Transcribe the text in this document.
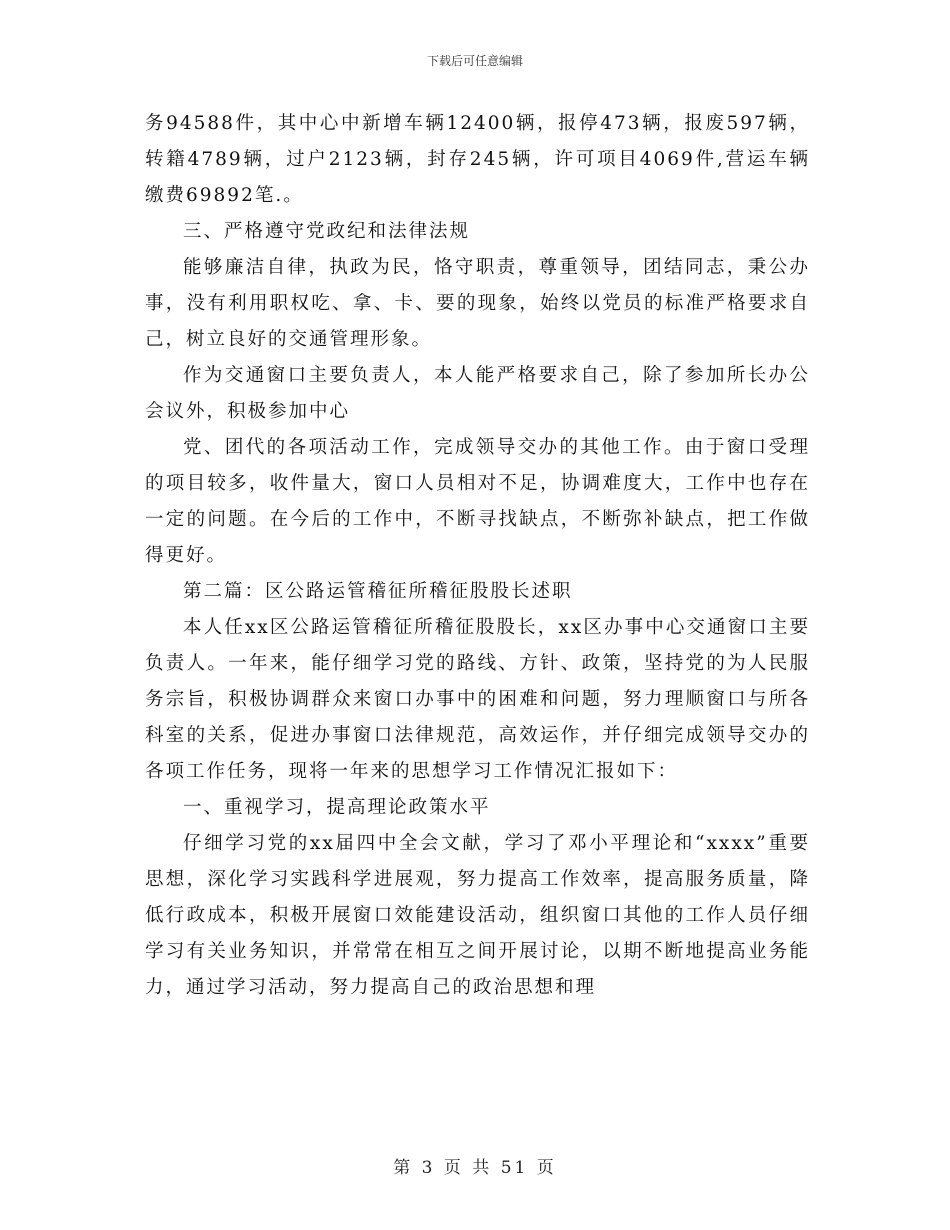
下载后可任意编辑

务94588件，其中心中新增车辆12400辆，报停473辆，报废597辆，转籍4789辆，过户2123辆，封存245辆，许可项目4069件,营运车辆缴费69892笔.。

三、严格遵守党政纪和法律法规

能够廉洁自律，执政为民，恪守职责，尊重领导，团结同志，秉公办事，没有利用职权吃、拿、卡、要的现象，始终以党员的标准严格要求自己，树立良好的交通管理形象。

作为交通窗口主要负责人，本人能严格要求自己，除了参加所长办公会议外，积极参加中心

党、团代的各项活动工作，完成领导交办的其他工作。由于窗口受理的项目较多，收件量大，窗口人员相对不足，协调难度大，工作中也存在一定的问题。在今后的工作中，不断寻找缺点，不断弥补缺点，把工作做得更好。

第二篇：区公路运管稽征所稽征股股长述职

本人任xx区公路运管稽征所稽征股股长，xx区办事中心交通窗口主要负责人。一年来，能仔细学习党的路线、方针、政策，坚持党的为人民服务宗旨，积极协调群众来窗口办事中的困难和问题，努力理顺窗口与所各科室的关系，促进办事窗口法律规范，高效运作，并仔细完成领导交办的各项工作任务，现将一年来的思想学习工作情况汇报如下：

一、重视学习，提高理论政策水平

仔细学习党的xx届四中全会文献，学习了邓小平理论和“xxxx”重要思想，深化学习实践科学进展观，努力提高工作效率，提高服务质量，降低行政成本，积极开展窗口效能建设活动，组织窗口其他的工作人员仔细学习有关业务知识，并常常在相互之间开展讨论，以期不断地提高业务能力，通过学习活动，努力提高自己的政治思想和理

第 3 页 共 51 页
